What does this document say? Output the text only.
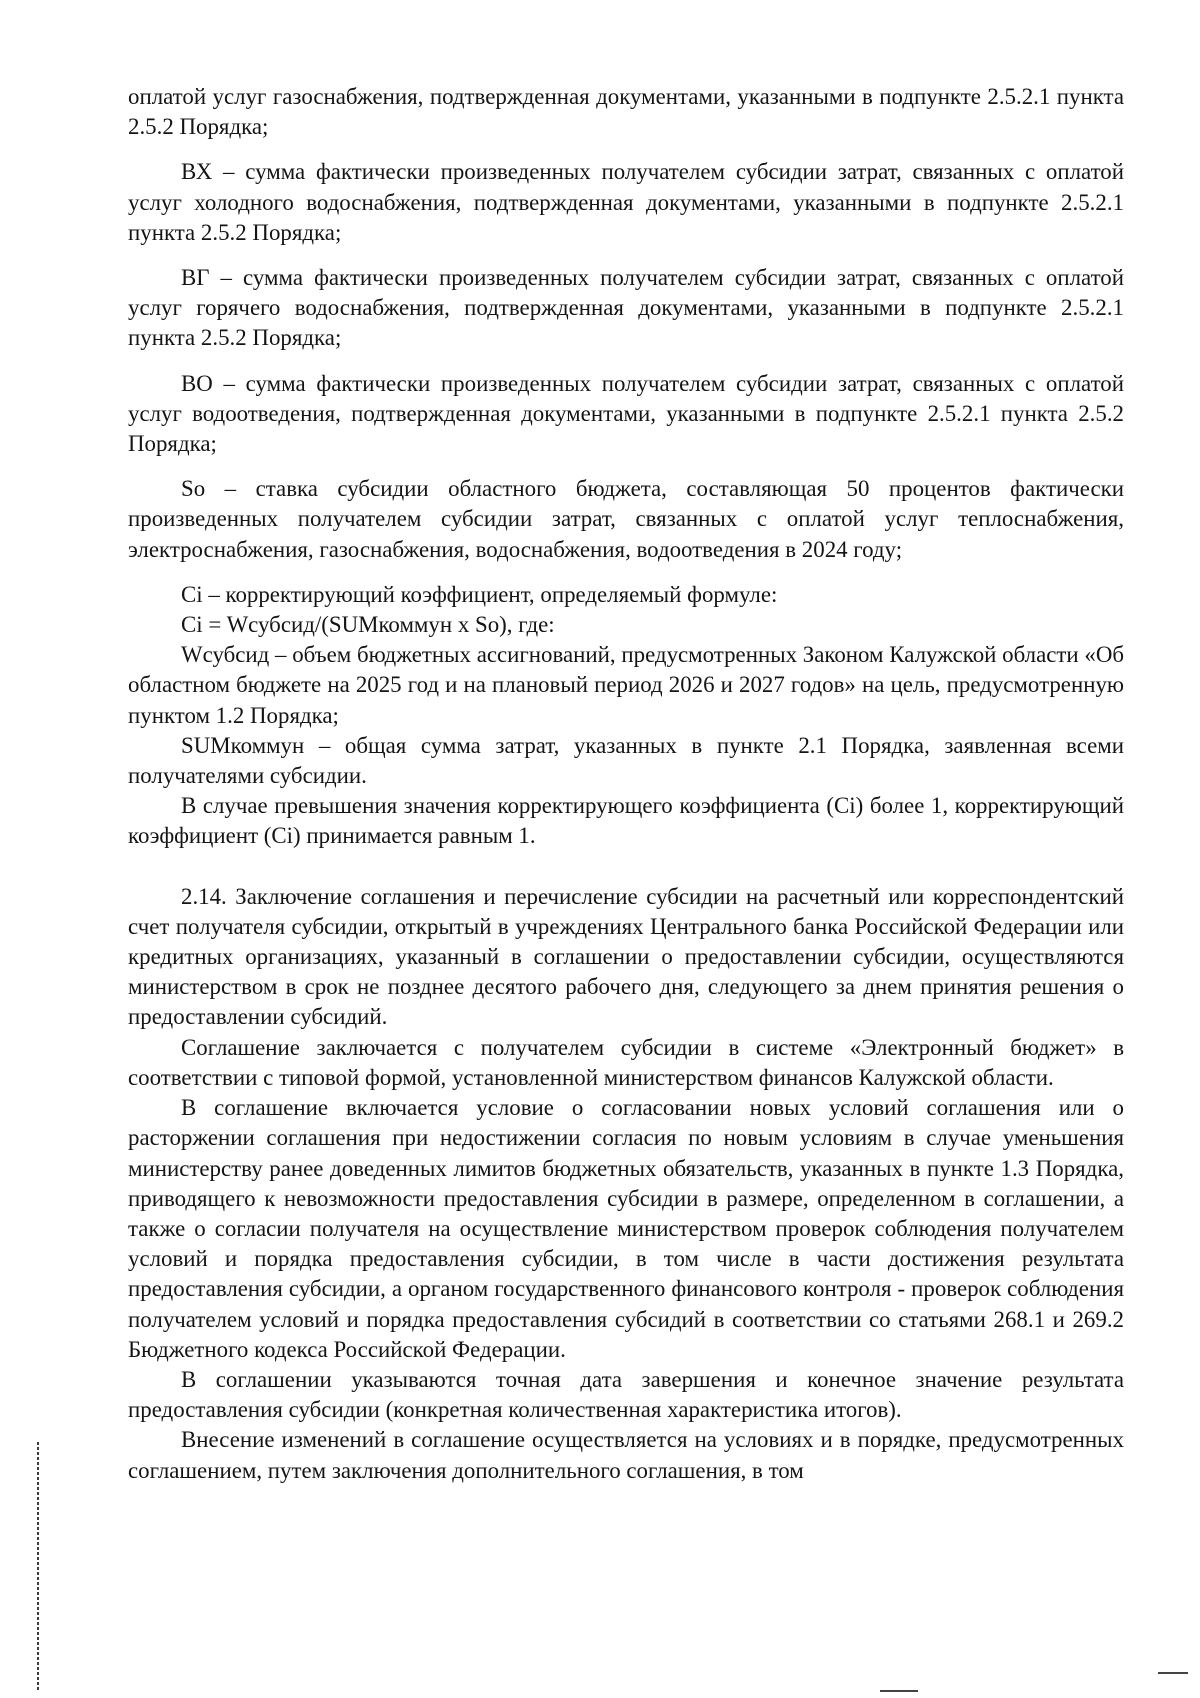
оплатой услуг газоснабжения, подтвержденная документами, указанными в подпункте 2.5.2.1 пункта 2.5.2 Порядка;

ВХ – сумма фактически произведенных получателем субсидии затрат, связанных с оплатой услуг холодного водоснабжения, подтвержденная документами, указанными в подпункте 2.5.2.1 пункта 2.5.2 Порядка;

ВГ – сумма фактически произведенных получателем субсидии затрат, связанных с оплатой услуг горячего водоснабжения, подтвержденная документами, указанными в подпункте 2.5.2.1 пункта 2.5.2 Порядка;

ВО – сумма фактически произведенных получателем субсидии затрат, связанных с оплатой услуг водоотведения, подтвержденная документами, указанными в подпункте 2.5.2.1 пункта 2.5.2 Порядка;

So – ставка субсидии областного бюджета, составляющая 50 процентов фактически произведенных получателем субсидии затрат, связанных с оплатой услуг теплоснабжения, электроснабжения, газоснабжения, водоснабжения, водоотведения в 2024 году;

Ci – корректирующий коэффициент, определяемый формуле:

Ci = Wсубсид/(SUMкоммун x So), где:

Wсубсид – объем бюджетных ассигнований, предусмотренных Законом Калужской области «Об областном бюджете на 2025 год и на плановый период 2026 и 2027 годов» на цель, предусмотренную пунктом 1.2 Порядка;

SUMкоммун – общая сумма затрат, указанных в пункте 2.1 Порядка, заявленная всеми получателями субсидии.

В случае превышения значения корректирующего коэффициента (Ci) более 1, корректирующий коэффициент (Ci) принимается равным 1.

2.14. Заключение соглашения и перечисление субсидии на расчетный или корреспондентский счет получателя субсидии, открытый в учреждениях Центрального банка Российской Федерации или кредитных организациях, указанный в соглашении о предоставлении субсидии, осуществляются министерством в срок не позднее десятого рабочего дня, следующего за днем принятия решения о предоставлении субсидий.

Соглашение заключается с получателем субсидии в системе «Электронный бюджет» в соответствии с типовой формой, установленной министерством финансов Калужской области.

В соглашение включается условие о согласовании новых условий соглашения или о расторжении соглашения при недостижении согласия по новым условиям в случае уменьшения министерству ранее доведенных лимитов бюджетных обязательств, указанных в пункте 1.3 Порядка, приводящего к невозможности предоставления субсидии в размере, определенном в соглашении, а также о согласии получателя на осуществление министерством проверок соблюдения получателем условий и порядка предоставления субсидии, в том числе в части достижения результата предоставления субсидии, а органом государственного финансового контроля - проверок соблюдения получателем условий и порядка предоставления субсидий в соответствии со статьями 268.1 и 269.2 Бюджетного кодекса Российской Федерации.

В соглашении указываются точная дата завершения и конечное значение результата предоставления субсидии (конкретная количественная характеристика итогов).

Внесение изменений в соглашение осуществляется на условиях и в порядке, предусмотренных соглашением, путем заключения дополнительного соглашения, в том
